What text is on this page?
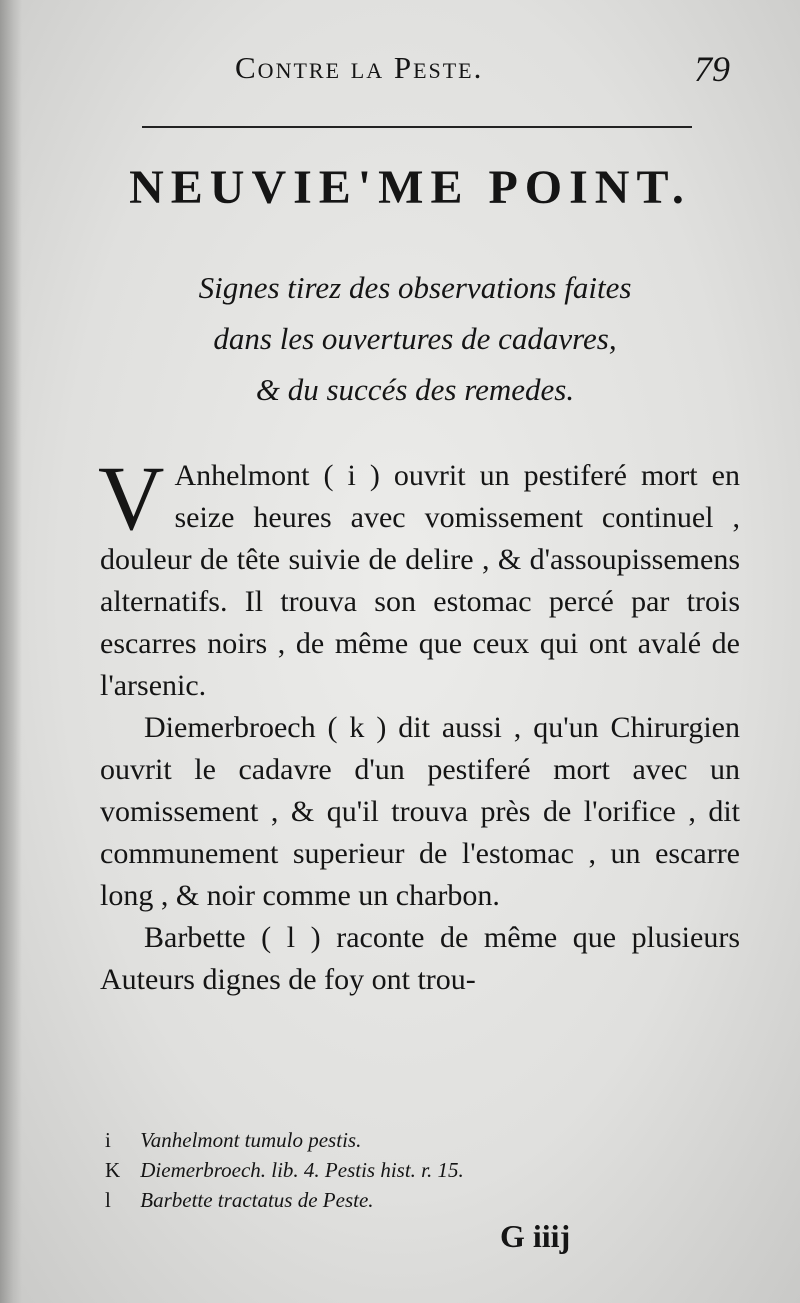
Contre la Peste.	79
NEUVIE'ME POINT.
Signes tirez des observations faites
dans les ouvertures de cadavres,
& du succés des remedes.

V Anhelmont ( i ) ouvrit un pestiferé mort en seize heures avec vomissement continuel , douleur de tête suivie de delire , & d'assoupissemens alternatifs. Il trouva son estomac percé par trois escarres noirs , de même que ceux qui ont avalé de l'arsenic.

Diemerbroech ( k ) dit aussi , qu'un Chirurgien ouvrit le cadavre d'un pestiferé mort avec un vomissement , & qu'il trouva près de l'orifice , dit communement superieur de l'estomac , un escarre long , & noir comme un charbon.

Barbette ( l ) raconte de même que plusieurs Auteurs dignes de foy ont trou-

i Vanhelmont tumulo pestis.
K Diemerbroech. lib. 4. Pestis hist. r. 15.
l Barbette tractatus de Peste.
G iiij
